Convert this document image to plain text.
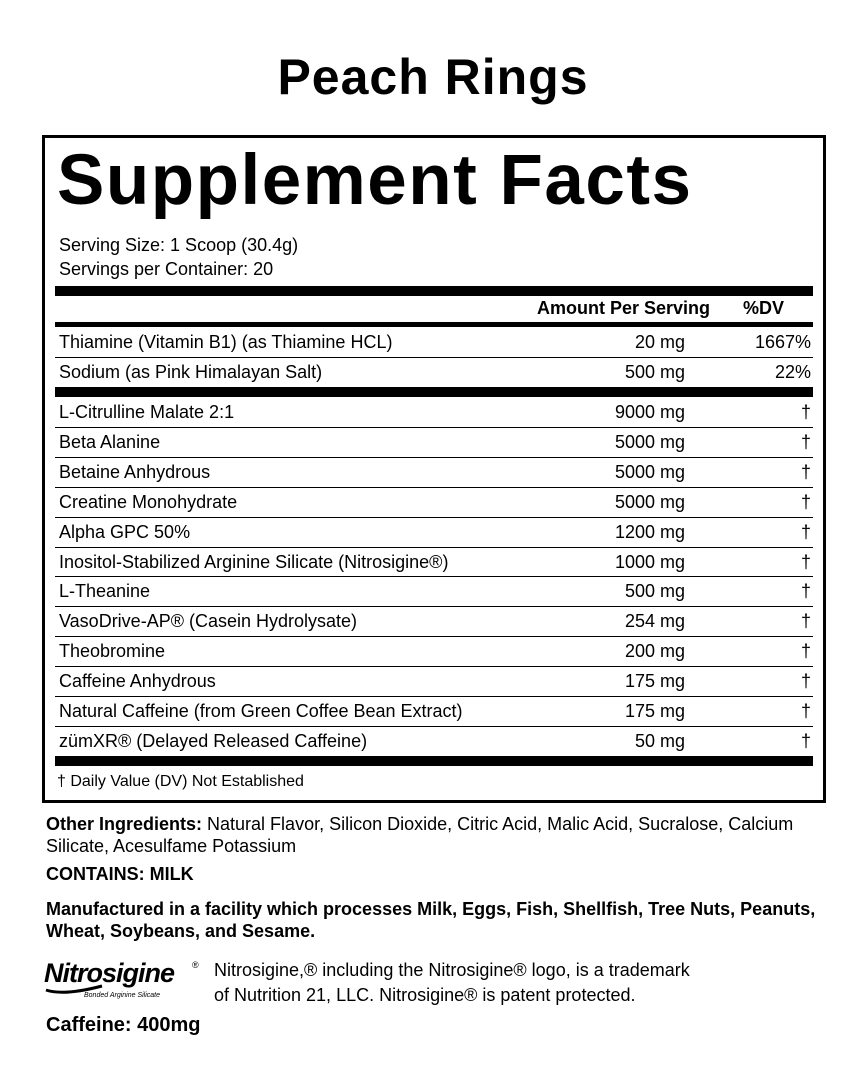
Peach Rings
Supplement Facts
Serving Size: 1 Scoop (30.4g)
Servings per Container: 20
Amount Per Serving %DV
Thiamine (Vitamin B1) (as Thiamine HCL)	20 mg	1667%
Sodium (as Pink Himalayan Salt)	500 mg	22%
L-Citrulline Malate 2:1	9000 mg	†
Beta Alanine	5000 mg	†
Betaine Anhydrous	5000 mg	†
Creatine Monohydrate	5000 mg	†
Alpha GPC 50%	1200 mg	†
Inositol-Stabilized Arginine Silicate (Nitrosigine®)	1000 mg	†
L-Theanine	500 mg	†
VasoDrive-AP® (Casein Hydrolysate)	254 mg	†
Theobromine	200 mg	†
Caffeine Anhydrous	175 mg	†
Natural Caffeine (from Green Coffee Bean Extract)	175 mg	†
zümXR® (Delayed Released Caffeine)	50 mg	†
† Daily Value (DV) Not Established
Other Ingredients: Natural Flavor, Silicon Dioxide, Citric Acid, Malic Acid, Sucralose, Calcium Silicate, Acesulfame Potassium
CONTAINS: MILK
Manufactured in a facility which processes Milk, Eggs, Fish, Shellfish, Tree Nuts, Peanuts, Wheat, Soybeans, and Sesame.
Nitrosigine ®
Bonded Arginine Silicate
Nitrosigine,® including the Nitrosigine® logo, is a trademark
of Nutrition 21, LLC. Nitrosigine® is patent protected.
Caffeine: 400mg
